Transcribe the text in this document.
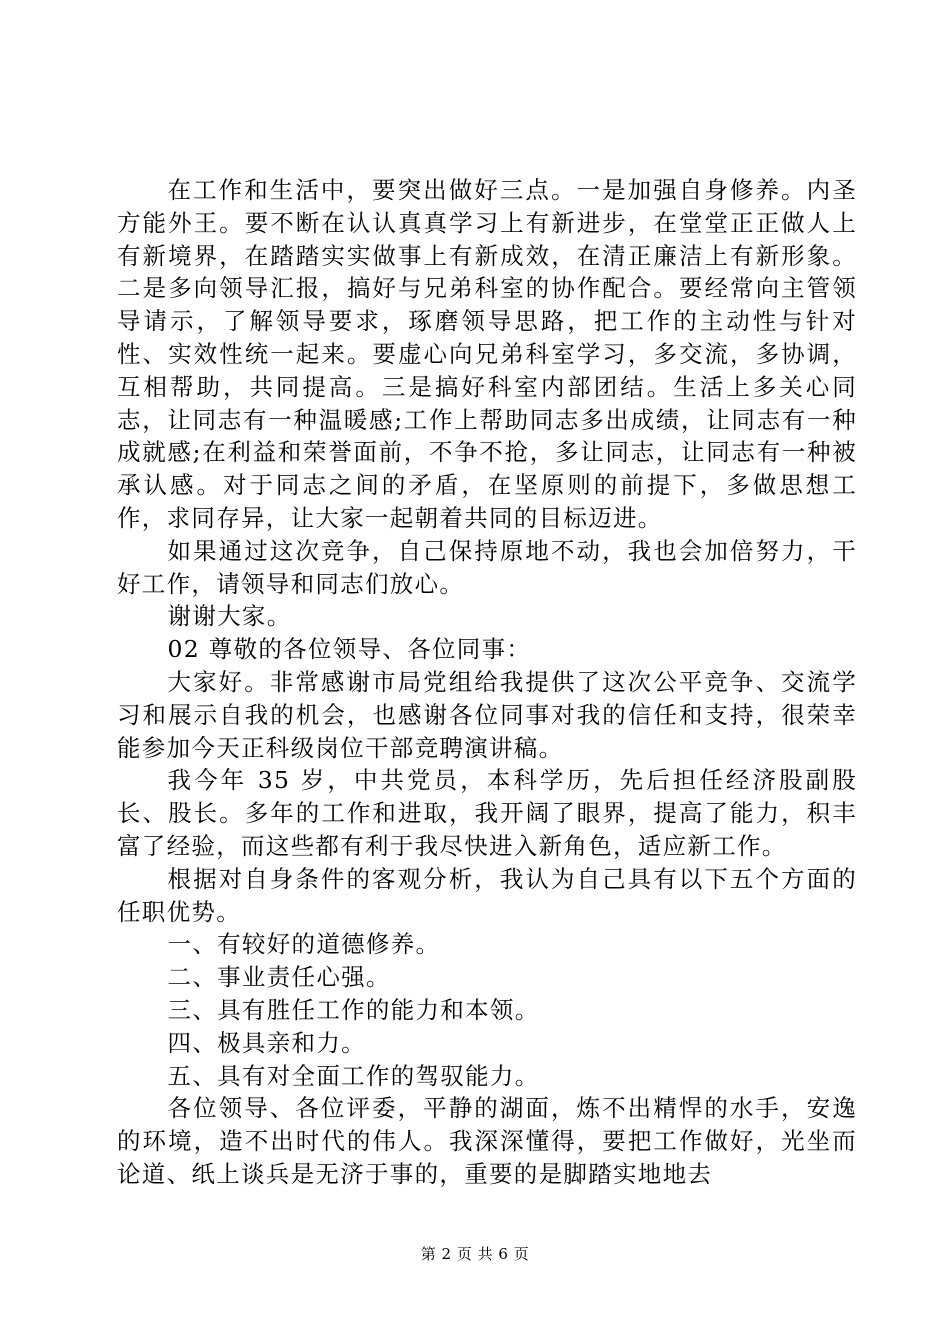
在工作和生活中，要突出做好三点。一是加强自身修养。内圣方能外王。要不断在认认真真学习上有新进步，在堂堂正正做人上有新境界，在踏踏实实做事上有新成效，在清正廉洁上有新形象。二是多向领导汇报，搞好与兄弟科室的协作配合。要经常向主管领导请示，了解领导要求，琢磨领导思路，把工作的主动性与针对性、实效性统一起来。要虚心向兄弟科室学习，多交流，多协调，互相帮助，共同提高。三是搞好科室内部团结。生活上多关心同志，让同志有一种温暖感;工作上帮助同志多出成绩，让同志有一种成就感;在利益和荣誉面前，不争不抢，多让同志，让同志有一种被承认感。对于同志之间的矛盾，在坚原则的前提下，多做思想工作，求同存异，让大家一起朝着共同的目标迈进。

如果通过这次竞争，自己保持原地不动，我也会加倍努力，干好工作，请领导和同志们放心。

谢谢大家。

02 尊敬的各位领导、各位同事：

大家好。非常感谢市局党组给我提供了这次公平竞争、交流学习和展示自我的机会，也感谢各位同事对我的信任和支持，很荣幸能参加今天正科级岗位干部竞聘演讲稿。

我今年 35 岁，中共党员，本科学历，先后担任经济股副股长、股长。多年的工作和进取，我开阔了眼界，提高了能力，积丰富了经验，而这些都有利于我尽快进入新角色，适应新工作。

根据对自身条件的客观分析，我认为自己具有以下五个方面的任职优势。

一、有较好的道德修养。

二、事业责任心强。

三、具有胜任工作的能力和本领。

四、极具亲和力。

五、具有对全面工作的驾驭能力。

各位领导、各位评委，平静的湖面，炼不出精悍的水手，安逸的环境，造不出时代的伟人。我深深懂得，要把工作做好，光坐而论道、纸上谈兵是无济于事的，重要的是脚踏实地地去

第 2 页 共 6 页
